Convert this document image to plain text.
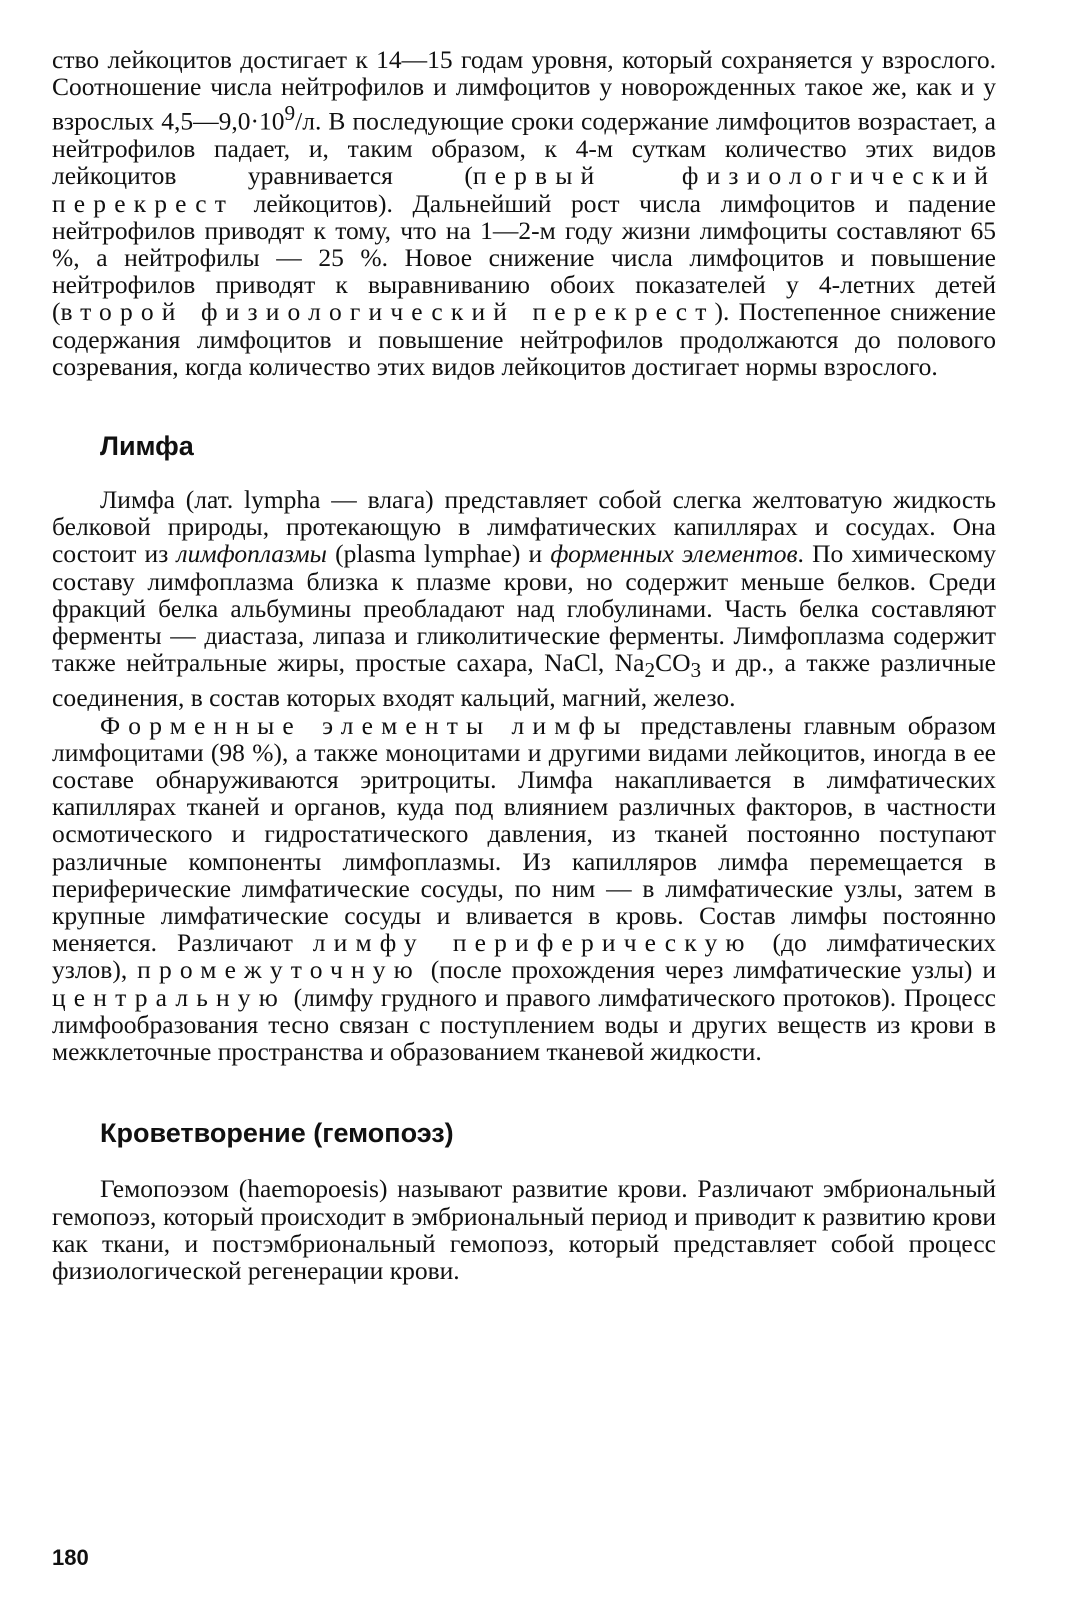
ство лейкоцитов достигает к 14—15 годам уровня, который сохраняется у взрослого. Соотношение числа нейтрофилов и лимфоцитов у новорожденных такое же, как и у взрослых $4,5—9,0\cdot 10^9/л$. В последующие сроки содержание лимфоцитов возрастает, а нейтрофилов падает, и, таким образом, к 4-м суткам количество этих видов лейкоцитов уравнивается (первый физиологический перекрест лейкоцитов). Дальнейший рост числа лимфоцитов и падение нейтрофилов приводят к тому, что на 1—2-м году жизни лимфоциты составляют 65 %, а нейтрофилы — 25 %. Новое снижение числа лимфоцитов и повышение нейтрофилов приводят к выравниванию обоих показателей у 4-летних детей (второй физиологический перекрест). Постепенное снижение содержания лимфоцитов и повышение нейтрофилов продолжаются до полового созревания, когда количество этих видов лейкоцитов достигает нормы взрослого.

Лимфа

Лимфа (лат. lympha — влага) представляет собой слегка желтоватую жидкость белковой природы, протекающую в лимфатических капиллярах и сосудах. Она состоит из лимфоплазмы (plasma lymphae) и форменных элементов. По химическому составу лимфоплазма близка к плазме крови, но содержит меньше белков. Среди фракций белка альбумины преобладают над глобулинами. Часть белка составляют ферменты — диастаза, липаза и гликолитические ферменты. Лимфоплазма содержит также нейтральные жиры, простые сахара, NaCl, $Na_2CO_3$ и др., а также различные соединения, в состав которых входят кальций, магний, железо.

Форменные элементы лимфы представлены главным образом лимфоцитами (98 %), а также моноцитами и другими видами лейкоцитов, иногда в ее составе обнаруживаются эритроциты. Лимфа накапливается в лимфатических капиллярах тканей и органов, куда под влиянием различных факторов, в частности осмотического и гидростатического давления, из тканей постоянно поступают различные компоненты лимфоплазмы. Из капилляров лимфа перемещается в периферические лимфатические сосуды, по ним — в лимфатические узлы, затем в крупные лимфатические сосуды и вливается в кровь. Состав лимфы постоянно меняется. Различают лимфу периферическую (до лимфатических узлов), промежуточную (после прохождения через лимфатические узлы) и центральную (лимфу грудного и правого лимфатического протоков). Процесс лимфообразования тесно связан с поступлением воды и других веществ из крови в межклеточные пространства и образованием тканевой жидкости.

Кроветворение (гемопоэз)

Гемопоэзом (haemopoesis) называют развитие крови. Различают эмбриональный гемопоэз, который происходит в эмбриональный период и приводит к развитию крови как ткани, и постэмбриональный гемопоэз, который представляет собой процесс физиологической регенерации крови.

180
